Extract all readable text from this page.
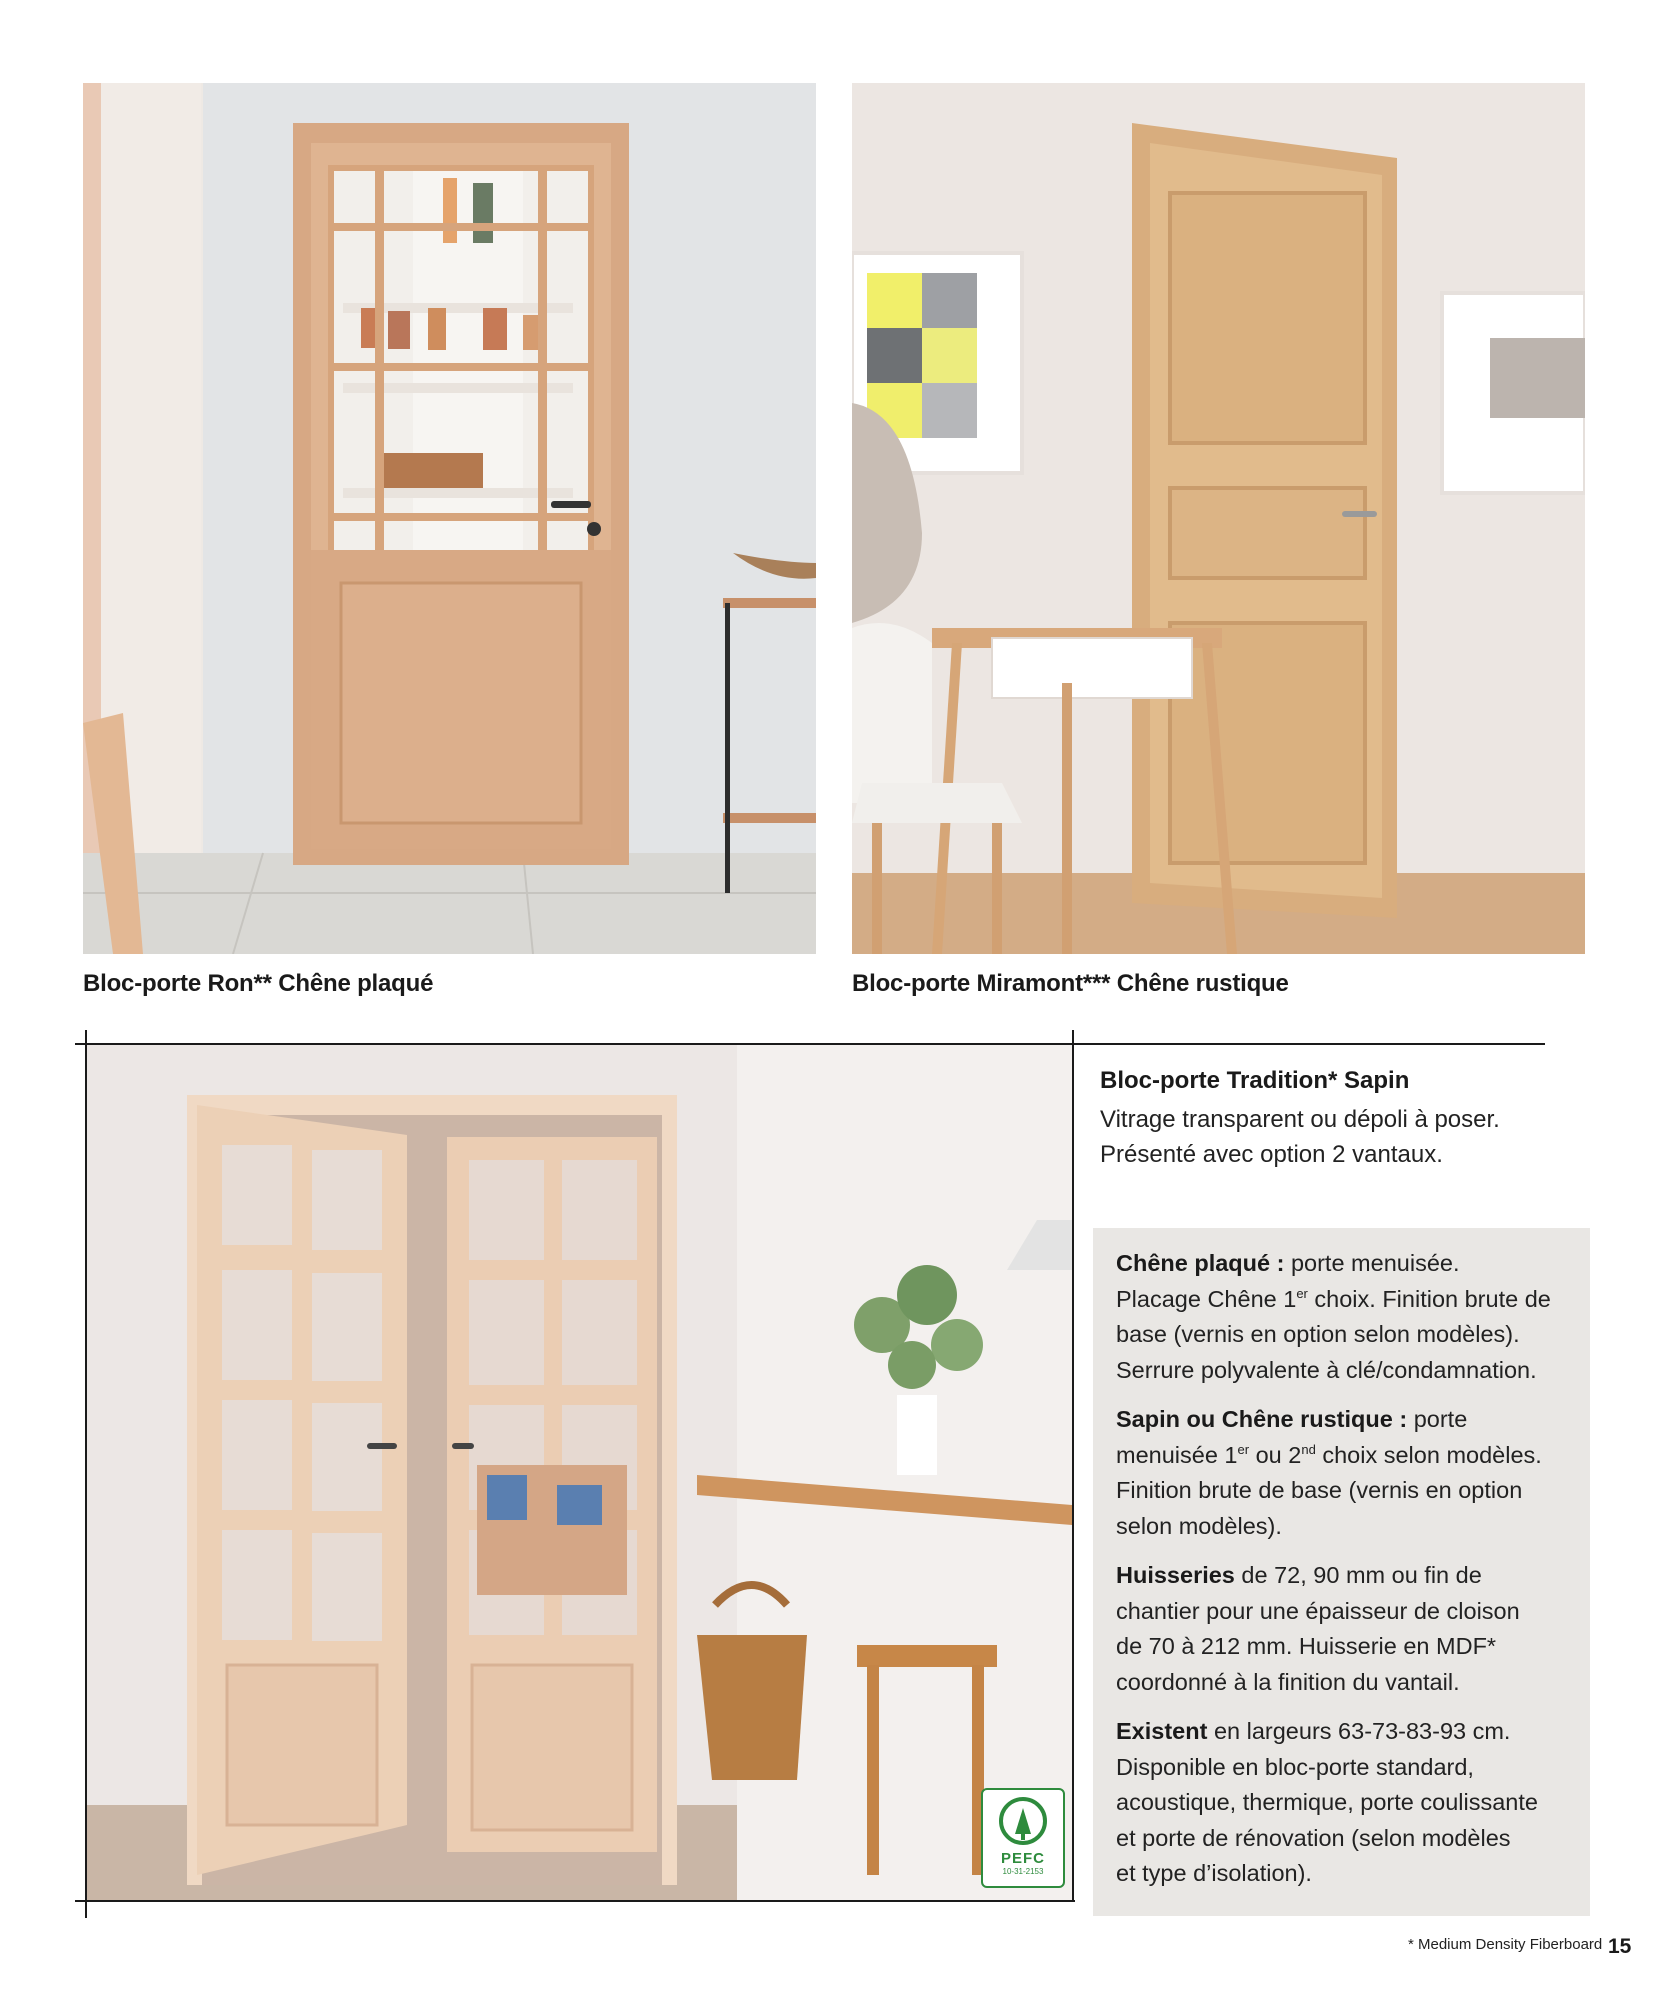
Bloc-porte Ron** Chêne plaqué	Bloc-porte Miramont*** Chêne rustique
PEFC
10-31-2153
Bloc-porte Tradition* Sapin
Vitrage transparent ou dépoli à poser.
Présenté avec option 2 vantaux.
Chêne plaqué : porte menuisée.
Placage Chêne 1er choix. Finition brute de
base (vernis en option selon modèles).
Serrure polyvalente à clé/condamnation.
Sapin ou Chêne rustique : porte
menuisée 1er ou 2nd choix selon modèles.
Finition brute de base (vernis en option
selon modèles).
Huisseries de 72, 90 mm ou fin de
chantier pour une épaisseur de cloison
de 70 à 212 mm. Huisserie en MDF*
coordonné à la finition du vantail.
Existent en largeurs 63-73-83-93 cm.
Disponible en bloc-porte standard,
acoustique, thermique, porte coulissante
et porte de rénovation (selon modèles
et type d’isolation).
* Medium Density Fiberboard 15
